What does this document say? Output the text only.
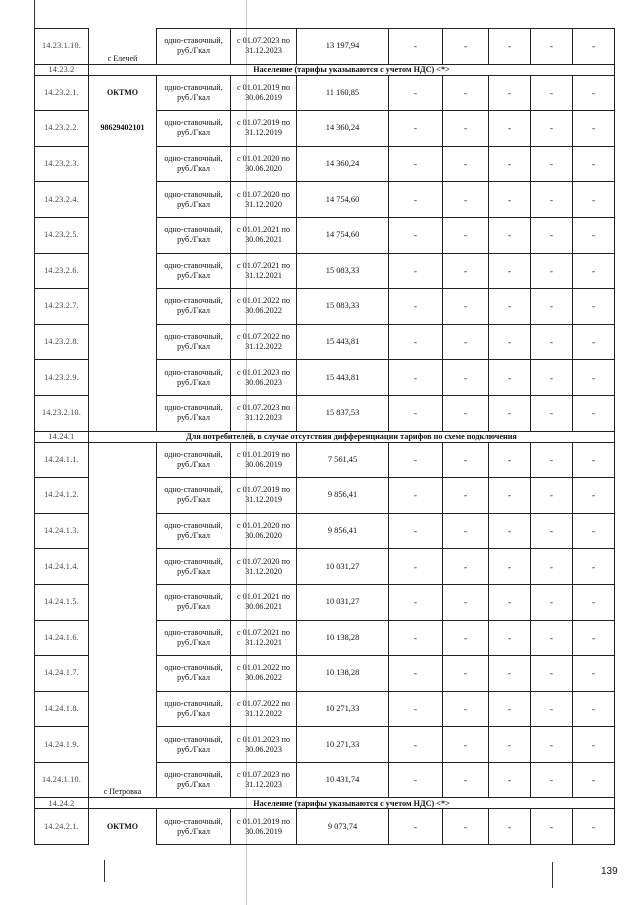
14.23.1.10.	с Елечей	одно-ставочный, руб./Гкал	с 01.07.2023 по 31.12.2023	13 197,94	-	-	-	-	-
14.23.2	Население (тарифы указываются с учетом НДС) <*>								
14.23.2.1.	ОКТМО	одно-ставочный, руб./Гкал	с 01.01.2019 по 30.06.2019	11 160,85	-	-	-	-	-
14.23.2.2.	98629402101	одно-ставочный, руб./Гкал	с 01.07.2019 по 31.12.2019	14 360,24	-	-	-	-	-
14.23.2.3.		одно-ставочный, руб./Гкал	с 01.01.2020 по 30.06.2020	14 360,24	-	-	-	-	-
14.23.2.4.		одно-ставочный, руб./Гкал	с 01.07.2020 по 31.12.2020	14 754,60	-	-	-	-	-
14.23.2.5.		одно-ставочный, руб./Гкал	с 01.01.2021 по 30.06.2021	14 754,60	-	-	-	-	-
14.23.2.6.		одно-ставочный, руб./Гкал	с 01.07.2021 по 31.12.2021	15 083,33	-	-	-	-	-
14.23.2.7.		одно-ставочный, руб./Гкал	с 01.01.2022 по 30.06.2022	15 083,33	-	-	-	-	-
14.23.2.8.		одно-ставочный, руб./Гкал	с 01.07.2022 по 31.12.2022	15 443,81	-	-	-	-	-
14.23.2.9.		одно-ставочный, руб./Гкал	с 01.01.2023 по 30.06.2023	15 443,81	-	-	-	-	-
14.23.2.10.		одно-ставочный, руб./Гкал	с 01.07.2023 по 31.12.2023	15 837,53	-	-	-	-	-
14.24.1	Для потребителей, в случае отсутствия дифференциации тарифов по схеме подключения								
14.24.1.1.		одно-ставочный, руб./Гкал	с 01.01.2019 по 30.06.2019	7 561,45	-	-	-	-	-
14.24.1.2.		одно-ставочный, руб./Гкал	с 01.07.2019 по 31.12.2019	9 856,41	-	-	-	-	-
14.24.1.3.		одно-ставочный, руб./Гкал	с 01.01.2020 по 30.06.2020	9 856,41	-	-	-	-	-
14.24.1.4.		одно-ставочный, руб./Гкал	с 01.07.2020 по 31.12.2020	10 031,27	-	-	-	-	-
14.24.1.5.		одно-ставочный, руб./Гкал	с 01.01.2021 по 30.06.2021	10 031,27	-	-	-	-	-
14.24.1.6.		одно-ставочный, руб./Гкал	с 01.07.2021 по 31.12.2021	10 138,28	-	-	-	-	-
14.24.1.7.		одно-ставочный, руб./Гкал	с 01.01.2022 по 30.06.2022	10 138,28	-	-	-	-	-
14.24.1.8.		одно-ставочный, руб./Гкал	с 01.07.2022 по 31.12.2022	10 271,33	-	-	-	-	-
14.24.1.9.		одно-ставочный, руб./Гкал	с 01.01.2023 по 30.06.2023	10 271,33	-	-	-	-	-
14.24.1.10.	с Петровка	одно-ставочный, руб./Гкал	с 01.07.2023 по 31.12.2023	10 431,74	-	-	-	-	-
14.24.2	Население (тарифы указываются с учетом НДС) <*>								
14.24.2.1.	ОКТМО	одно-ставочный, руб./Гкал	с 01.01.2019 по 30.06.2019	9 073,74	-	-	-	-	-
139
